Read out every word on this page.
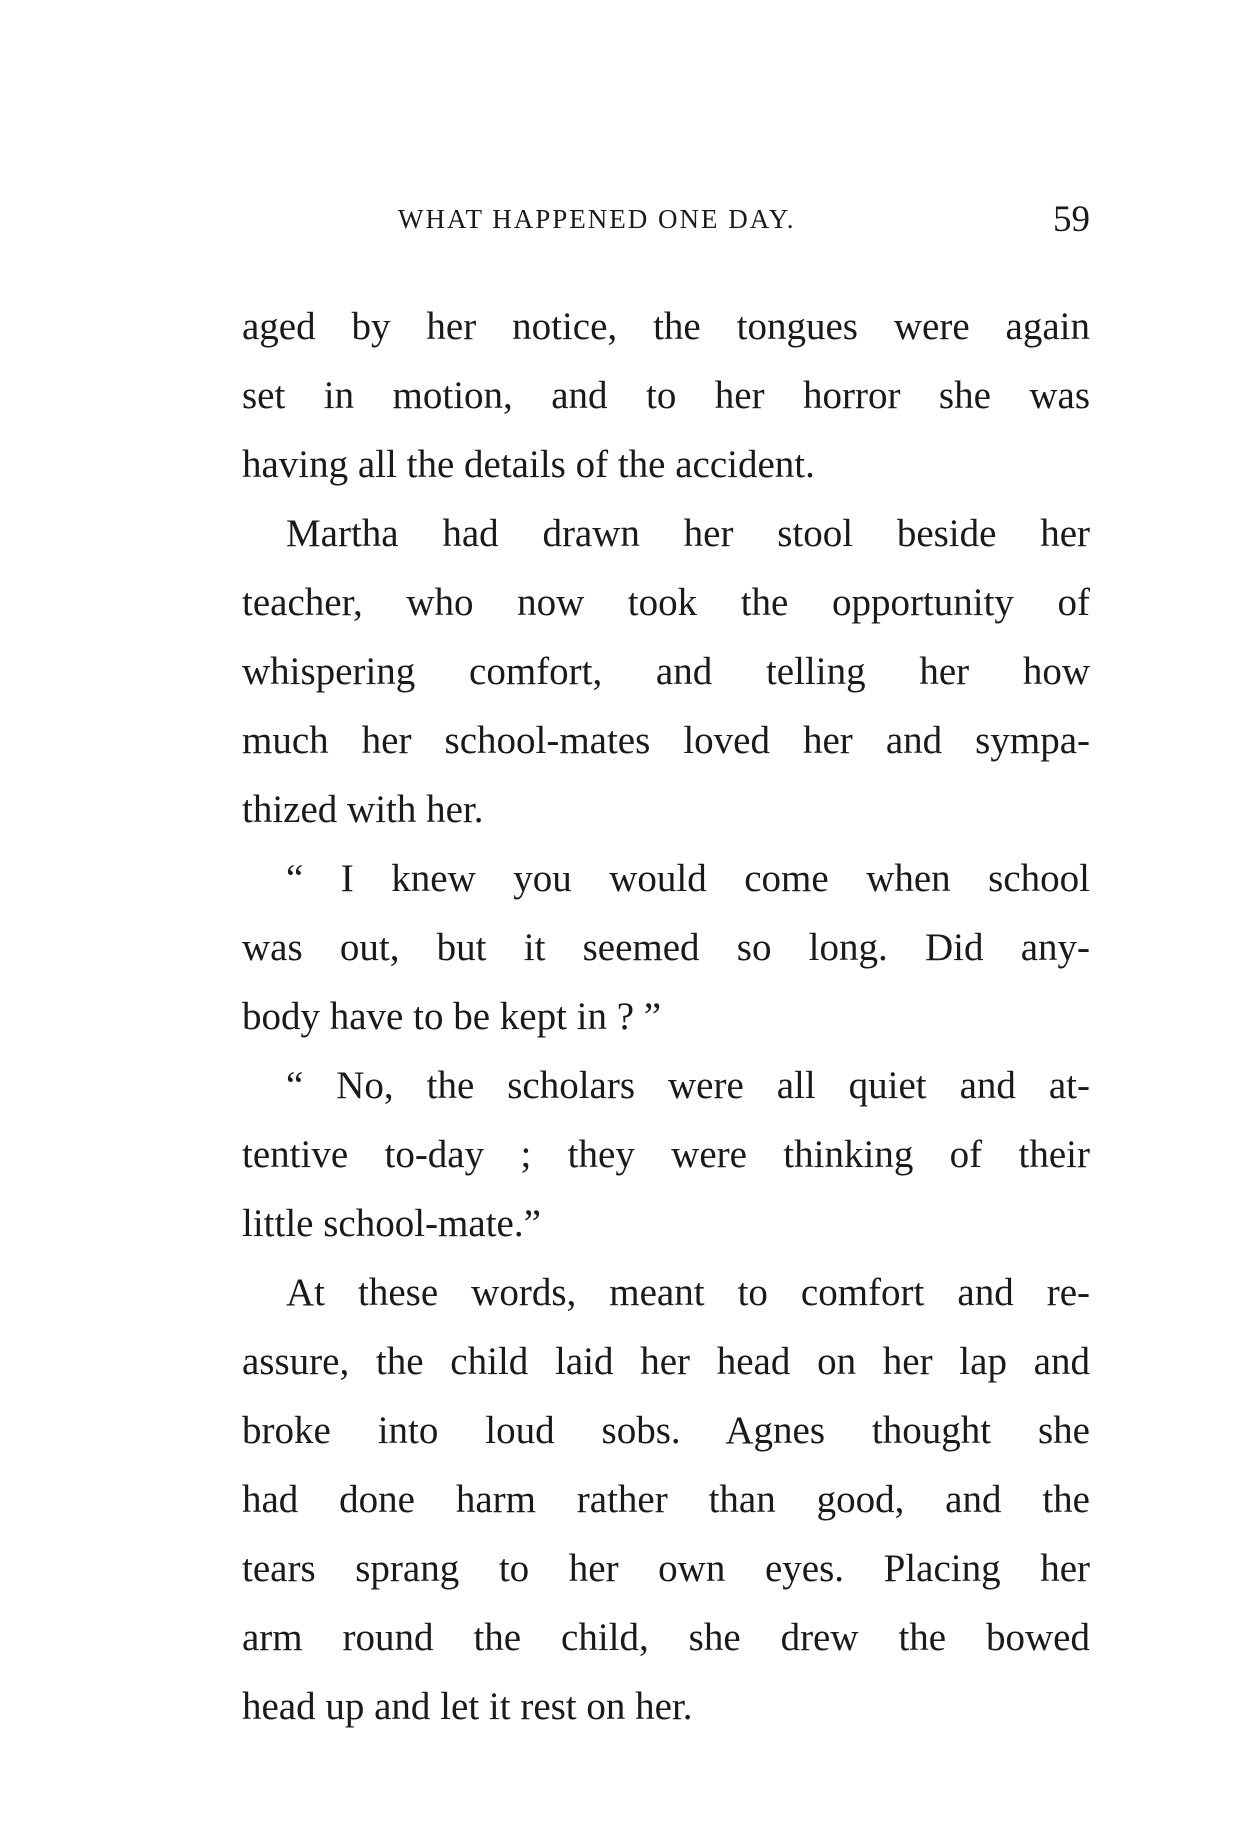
WHAT HAPPENED ONE DAY.	59
aged by her notice, the tongues were again
set in motion, and to her horror she was
having all the details of the accident.
Martha had drawn her stool beside her
teacher, who now took the opportunity of
whispering comfort, and telling her how
much her school-mates loved her and sympa-
thized with her.
“ I knew you would come when school
was out, but it seemed so long. Did any-
body have to be kept in ? ”
“ No, the scholars were all quiet and at-
tentive to-day ; they were thinking of their
little school-mate.”
At these words, meant to comfort and re-
assure, the child laid her head on her lap and
broke into loud sobs. Agnes thought she
had done harm rather than good, and the
tears sprang to her own eyes. Placing her
arm round the child, she drew the bowed
head up and let it rest on her.
